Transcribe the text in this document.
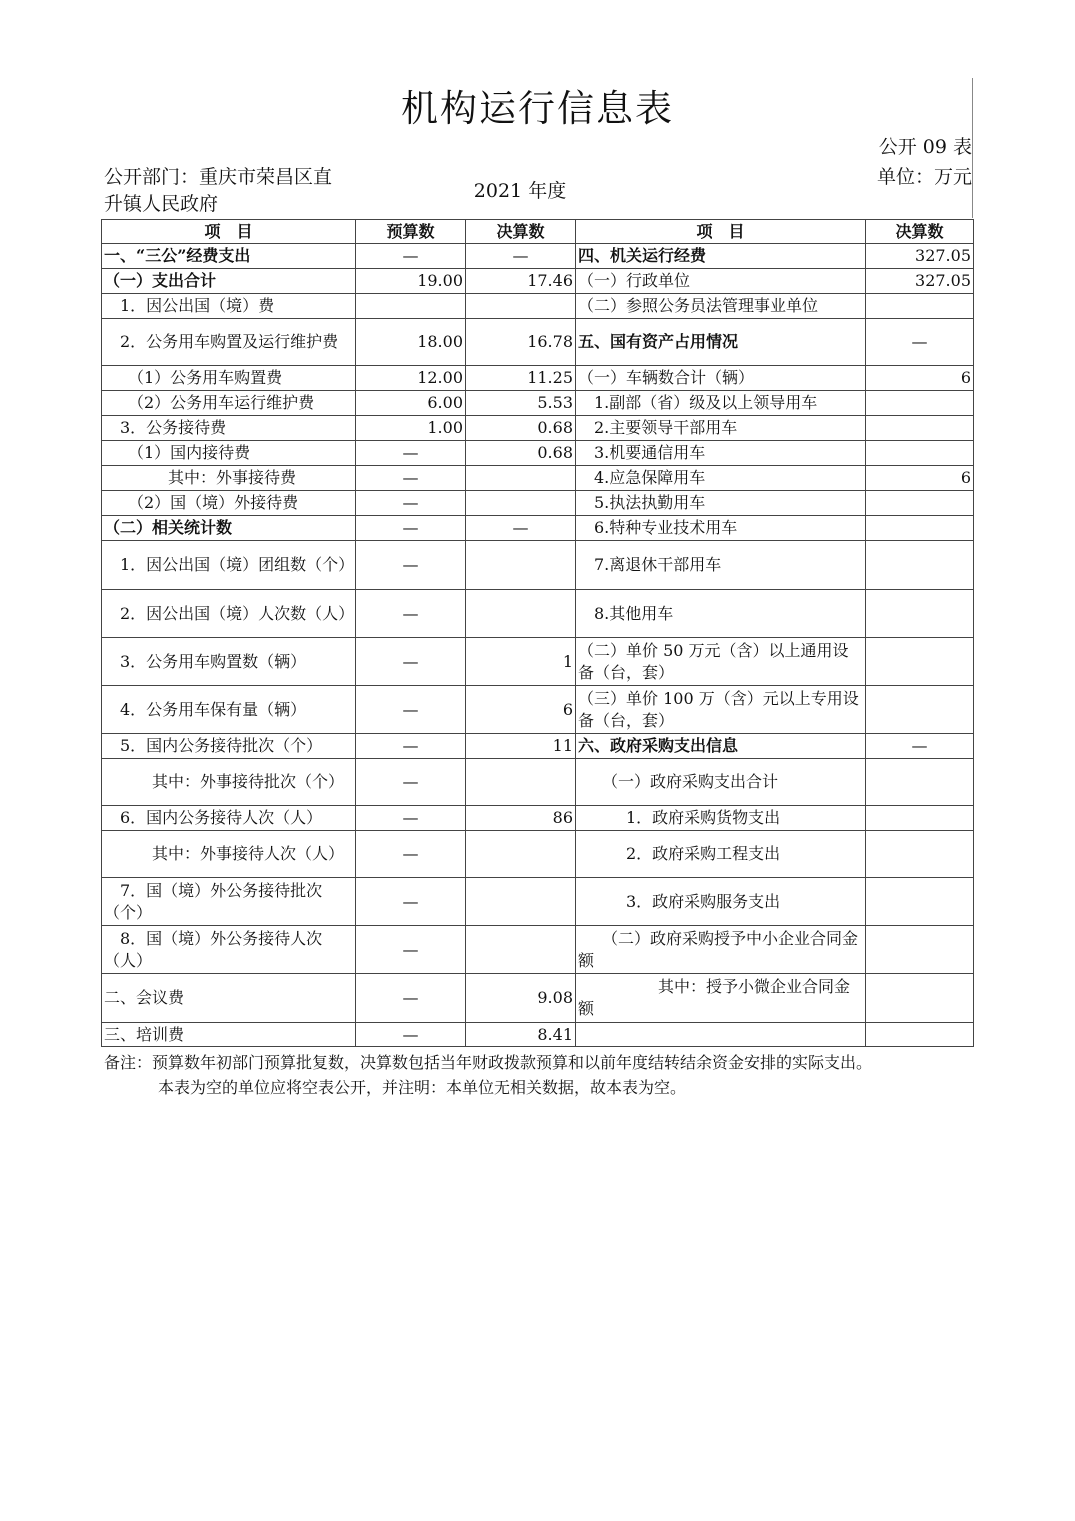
机构运行信息表
公开 09 表
公开部门：重庆市荣昌区直升镇人民政府
2021 年度
单位：万元
项　目	预算数	决算数	项　目	决算数
一、“三公”经费支出	—	—	四、机关运行经费	327.05
（一）支出合计	19.00	17.46	（一）行政单位	327.05
　1．因公出国（境）费			（二）参照公务员法管理事业单位	
　2．公务用车购置及运行维护费	18.00	16.78	五、国有资产占用情况	—
　　（1）公务用车购置费	12.00	11.25	（一）车辆数合计（辆）	6
　　（2）公务用车运行维护费	6.00	5.53	　1.副部（省）级及以上领导用车	
　3．公务接待费	1.00	0.68	　2.主要领导干部用车	
　　（1）国内接待费	—	0.68	　3.机要通信用车	
　　　　其中：外事接待费	—		　4.应急保障用车	6
　　（2）国（境）外接待费	—		　5.执法执勤用车	
（二）相关统计数	—	—	　6.特种专业技术用车	
　1．因公出国（境）团组数（个）	—		　7.离退休干部用车	
　2．因公出国（境）人次数（人）	—		　8.其他用车	
　3．公务用车购置数（辆）	—	1	（二）单价 50 万元（含）以上通用设备（台，套）	
　4．公务用车保有量（辆）	—	6	（三）单价 100 万（含）元以上专用设备（台，套）	
　5．国内公务接待批次（个）	—	11	六、政府采购支出信息	—
　　　其中：外事接待批次（个）	—		　　（一）政府采购支出合计	
　6．国内公务接待人次（人）	—	86	　　　1．政府采购货物支出	
　　　其中：外事接待人次（人）	—		　　　2．政府采购工程支出	
　7．国（境）外公务接待批次（个）	—		　　　3．政府采购服务支出	
　8．国（境）外公务接待人次（人）	—		　　（二）政府采购授予中小企业合同金额	
二、会议费	—	9.08	　　　　　其中：授予小微企业合同金额	
三、培训费	—	8.41		
备注：预算数年初部门预算批复数，决算数包括当年财政拨款预算和以前年度结转结余资金安排的实际支出。
本表为空的单位应将空表公开，并注明：本单位无相关数据，故本表为空。
